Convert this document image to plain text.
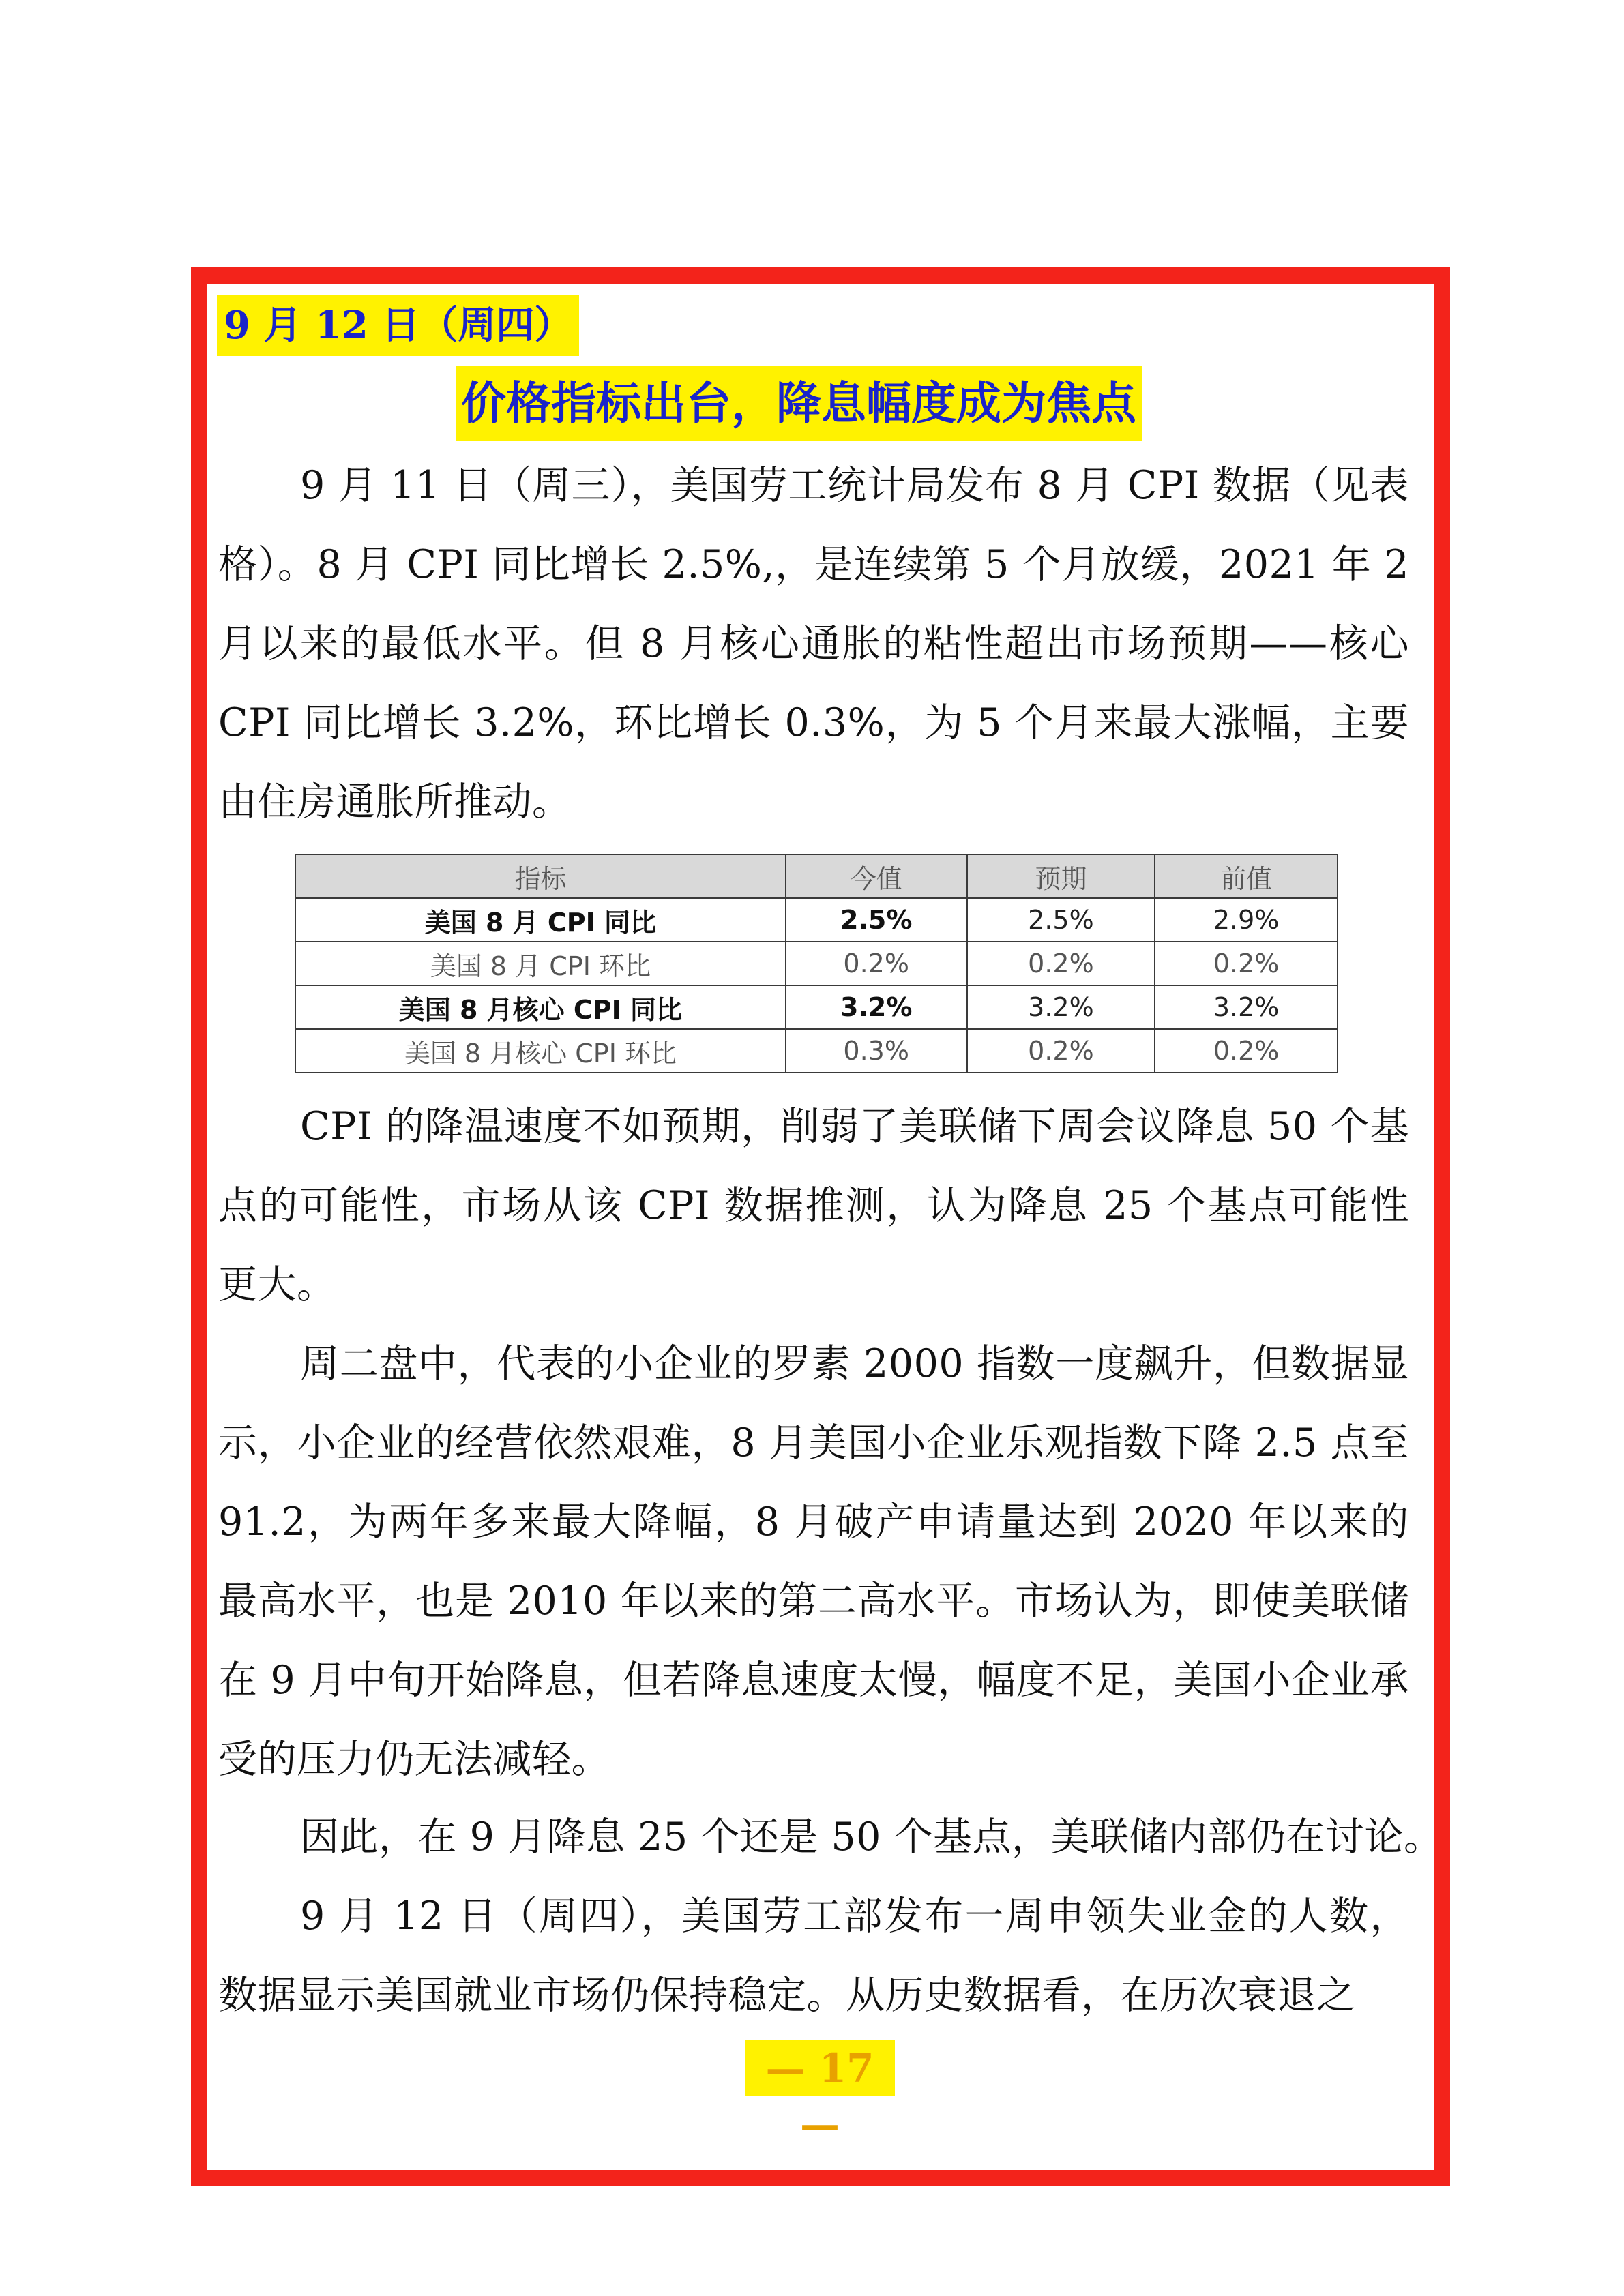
9 月 12 日（周四）
价格指标出台，降息幅度成为焦点

9 月 11 日（周三），美国劳工统计局发布 8 月 CPI 数据（见表格）。8 月 CPI 同比增长 2.5%,，是连续第 5 个月放缓，2021 年 2 月以来的最低水平。但 8 月核心通胀的粘性超出市场预期——核心 CPI 同比增长 3.2%，环比增长 0.3%，为 5 个月来最大涨幅，主要由住房通胀所推动。

指标	今值	预期	前值
美国 8 月 CPI 同比	2.5%	2.5%	2.9%
美国 8 月 CPI 环比	0.2%	0.2%	0.2%
美国 8 月核心 CPI 同比	3.2%	3.2%	3.2%
美国 8 月核心 CPI 环比	0.3%	0.2%	0.2%

CPI 的降温速度不如预期，削弱了美联储下周会议降息 50 个基点的可能性，市场从该 CPI 数据推测，认为降息 25 个基点可能性更大。

周二盘中，代表的小企业的罗素 2000 指数一度飙升，但数据显示，小企业的经营依然艰难，8 月美国小企业乐观指数下降 2.5 点至 91.2，为两年多来最大降幅，8 月破产申请量达到 2020 年以来的最高水平，也是 2010 年以来的第二高水平。市场认为，即使美联储在 9 月中旬开始降息，但若降息速度太慢，幅度不足，美国小企业承受的压力仍无法减轻。

因此，在 9 月降息 25 个还是 50 个基点，美联储内部仍在讨论。

9 月 12 日（周四），美国劳工部发布一周申领失业金的人数，数据显示美国就业市场仍保持稳定。从历史数据看，在历次衰退之

— 17 —
